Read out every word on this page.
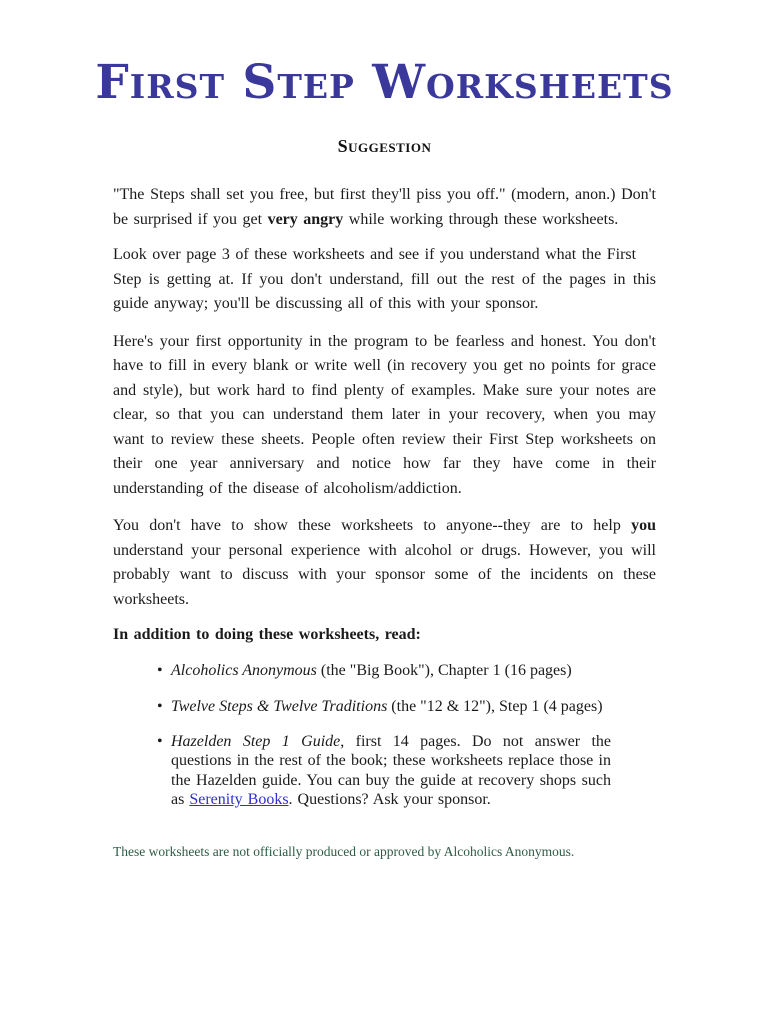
First Step Worksheets
Suggestion

"The Steps shall set you free, but first they'll piss you off." (modern, anon.) Don't be surprised if you get very angry while working through these worksheets.

Look over page 3 of these worksheets and see if you understand what the First

Step is getting at. If you don't understand, fill out the rest of the pages in this guide anyway; you'll be discussing all of this with your sponsor.

Here's your first opportunity in the program to be fearless and honest. You don't have to fill in every blank or write well (in recovery you get no points for grace and style), but work hard to find plenty of examples. Make sure your notes are clear, so that you can understand them later in your recovery, when you may want to review these sheets. People often review their First Step worksheets on their one year anniversary and notice how far they have come in their understanding of the disease of alcoholism/addiction.

You don't have to show these worksheets to anyone--they are to help you understand your personal experience with alcohol or drugs. However, you will probably want to discuss with your sponsor some of the incidents on these worksheets.

In addition to doing these worksheets, read:

• Alcoholics Anonymous (the "Big Book"), Chapter 1 (16 pages)
• Twelve Steps & Twelve Traditions (the "12 & 12"), Step 1 (4 pages)
• Hazelden Step 1 Guide, first 14 pages. Do not answer the questions in the rest of the book; these worksheets replace those in the Hazelden guide. You can buy the guide at recovery shops such as Serenity Books. Questions? Ask your sponsor.

These worksheets are not officially produced or approved by Alcoholics Anonymous.
